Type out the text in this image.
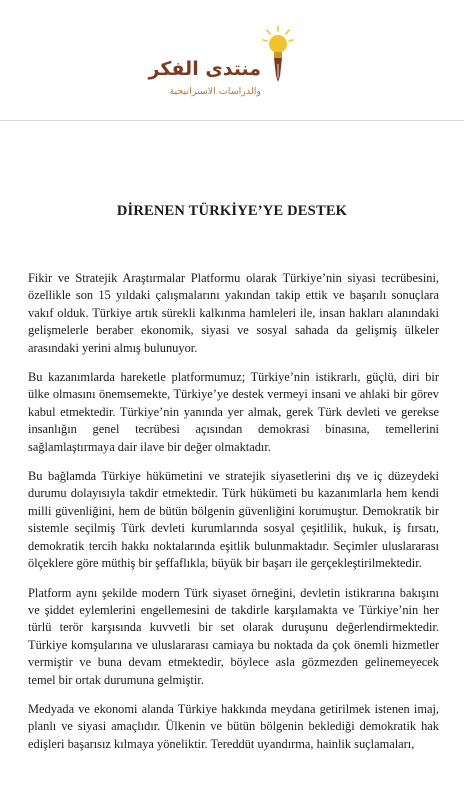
منتدى الفكر
والدراسات الاستراتيجية
DİRENEN TÜRKİYE’YE DESTEK

Fikir ve Stratejik Araştırmalar Platformu olarak Türkiye’nin siyasi tecrübesini, özellikle son 15 yıldaki çalışmalarını yakından takip ettik ve başarılı sonuçlara vakıf olduk. Türkiye artık sürekli kalkınma hamleleri ile, insan hakları alanındaki gelişmelerle beraber ekonomik, siyasi ve sosyal sahada da gelişmiş ülkeler arasındaki yerini almış bulunuyor.

Bu kazanımlarda hareketle platformumuz; Türkiye’nin istikrarlı, güçlü, diri bir ülke olmasını önemsemekte, Türkiye’ye destek vermeyi insani ve ahlaki bir görev kabul etmektedir. Türkiye’nin yanında yer almak, gerek Türk devleti ve gerekse insanlığın genel tecrübesi açısından demokrasi binasına, temellerini sağlamlaştırmaya dair ilave bir değer olmaktadır.

Bu bağlamda Türkiye hükümetini ve stratejik siyasetlerini dış ve iç düzeydeki durumu dolayısıyla takdir etmektedir. Türk hükümeti bu kazanımlarla hem kendi milli güvenliğini, hem de bütün bölgenin güvenliğini korumuştur. Demokratik bir sistemle seçilmiş Türk devleti kurumlarında sosyal çeşitlilik, hukuk, iş fırsatı, demokratik tercih hakkı noktalarında eşitlik bulunmaktadır. Seçimler uluslararası ölçeklere göre müthiş bir şeffaflıkla, büyük bir başarı ile gerçekleştirilmektedir.

Platform aynı şekilde modern Türk siyaset örneğini, devletin istikrarına bakışını ve şiddet eylemlerini engellemesini de takdirle karşılamakta ve Türkiye’nin her türlü terör karşısında kuvvetli bir set olarak duruşunu değerlendirmektedir. Türkiye komşularına ve uluslararası camiaya bu noktada da çok önemli hizmetler vermiştir ve buna devam etmektedir, böylece asla gözmezden gelinemeyecek temel bir ortak durumuna gelmiştir.

Medyada ve ekonomi alanda Türkiye hakkında meydana getirilmek istenen imaj, planlı ve siyasi amaçlıdır. Ülkenin ve bütün bölgenin beklediği demokratik hak edişleri başarısız kılmaya yöneliktir. Tereddüt uyandırma, hainlik suçlamaları,
